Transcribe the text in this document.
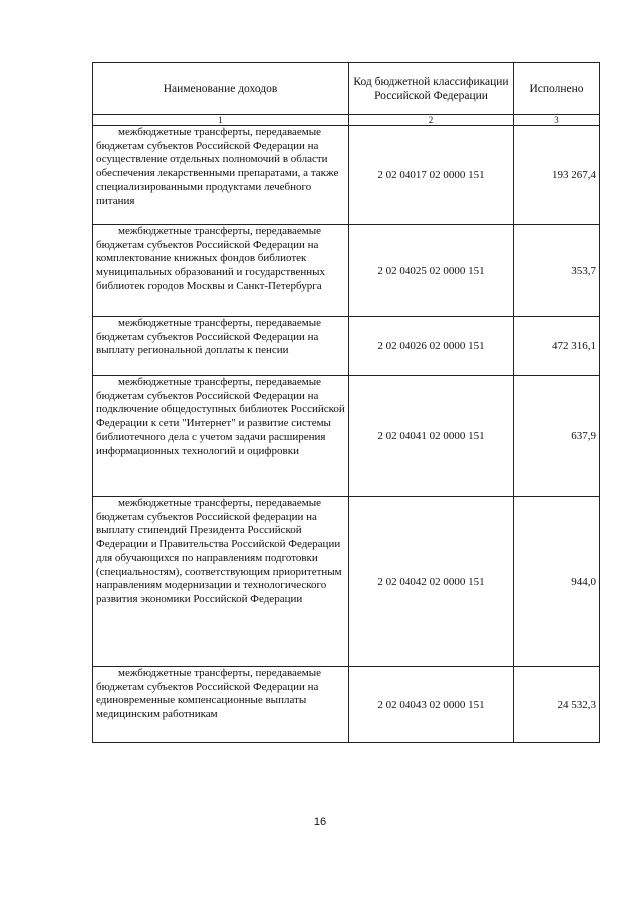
Наименование доходов	Код бюджетной классификации Российской Федерации	Исполнено
1	2	3

межбюджетные трансферты, передаваемые бюджетам субъектов Российской Федерации на осуществление отдельных полномочий в области обеспечения лекарственными препаратами, а также специализированными продуктами лечебного питания	2 02 04017 02 0000 151	193 267,4

межбюджетные трансферты, передаваемые бюджетам субъектов Российской Федерации на комплектование книжных фондов библиотек муниципальных образований и государственных библиотек городов Москвы и Санкт-Петербурга	2 02 04025 02 0000 151	353,7

межбюджетные трансферты, передаваемые бюджетам субъектов Российской Федерации на выплату региональной доплаты к пенсии	2 02 04026 02 0000 151	472 316,1

межбюджетные трансферты, передаваемые бюджетам субъектов Российской Федерации на подключение общедоступных библиотек Российской Федерации к сети "Интернет" и развитие системы библиотечного дела с учетом задачи расширения информационных технологий и оцифровки	2 02 04041 02 0000 151	637,9

межбюджетные трансферты, передаваемые бюджетам субъектов Российской федерации на выплату стипендий Президента Российской Федерации и Правительства Российской Федерации для обучающихся по направлениям подготовки (специальностям), соответствующим приоритетным направлениям модернизации и технологического развития экономики Российской Федерации	2 02 04042 02 0000 151	944,0

межбюджетные трансферты, передаваемые бюджетам субъектов Российской Федерации на единовременные компенсационные выплаты медицинским работникам	2 02 04043 02 0000 151	24 532,3
16
